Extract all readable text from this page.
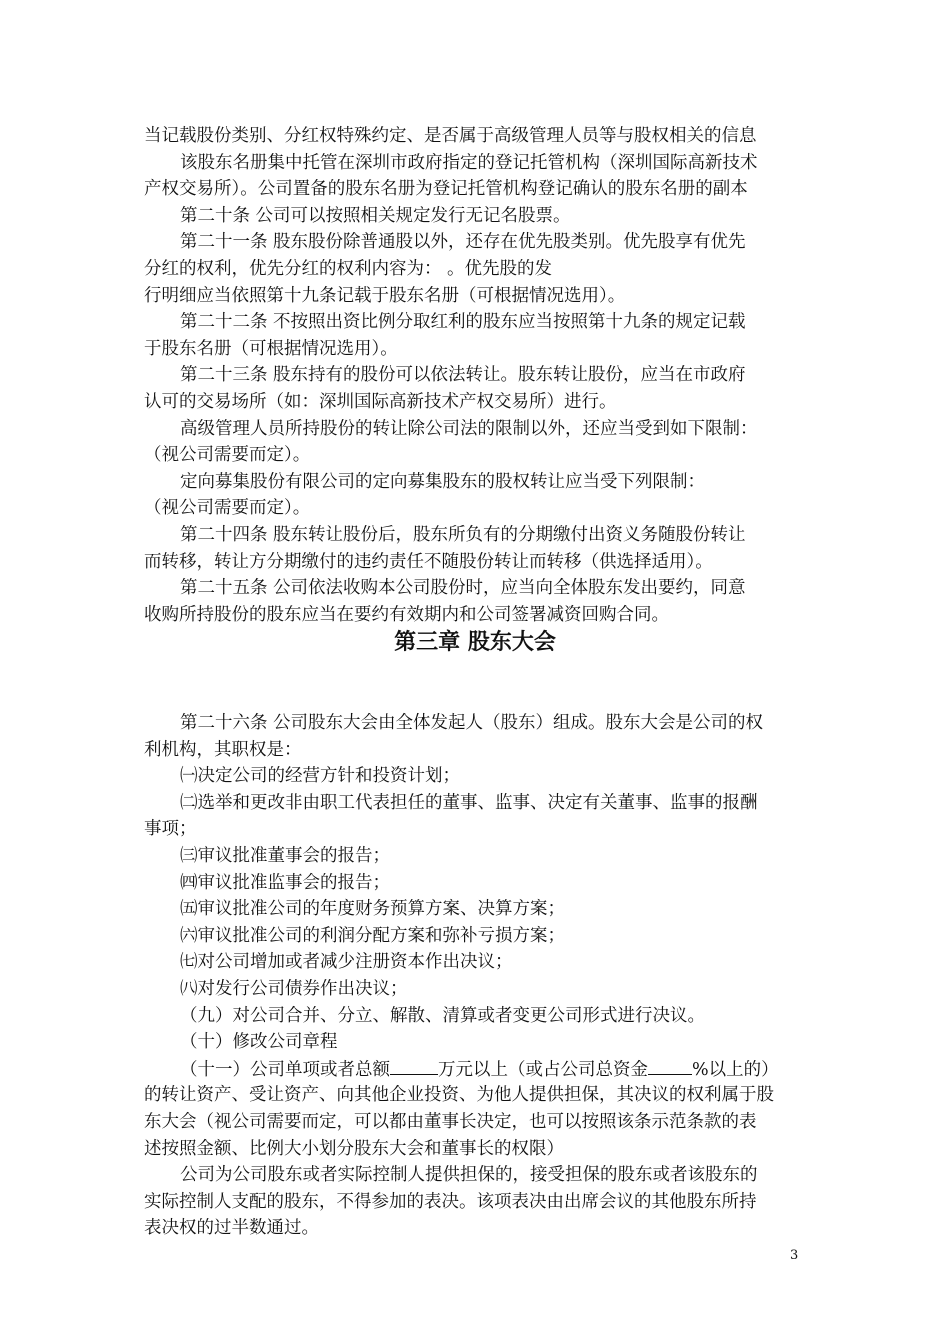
当记载股份类别、分红权特殊约定、是否属于高级管理人员等与股权相关的信息
该股东名册集中托管在深圳市政府指定的登记托管机构（深圳国际高新技术
产权交易所）。公司置备的股东名册为登记托管机构登记确认的股东名册的副本
第二十条 公司可以按照相关规定发行无记名股票。
第二十一条 股东股份除普通股以外，还存在优先股类别。优先股享有优先
分红的权利，优先分红的权利内容为： 。优先股的发
行明细应当依照第十九条记载于股东名册（可根据情况选用）。
第二十二条 不按照出资比例分取红利的股东应当按照第十九条的规定记载
于股东名册（可根据情况选用）。
第二十三条 股东持有的股份可以依法转让。股东转让股份，应当在市政府
认可的交易场所（如：深圳国际高新技术产权交易所）进行。
高级管理人员所持股份的转让除公司法的限制以外，还应当受到如下限制：
（视公司需要而定）。
定向募集股份有限公司的定向募集股东的股权转让应当受下列限制：
（视公司需要而定）。
第二十四条 股东转让股份后，股东所负有的分期缴付出资义务随股份转让
而转移，转让方分期缴付的违约责任不随股份转让而转移（供选择适用）。
第二十五条 公司依法收购本公司股份时，应当向全体股东发出要约，同意
收购所持股份的股东应当在要约有效期内和公司签署减资回购合同。
第三章 股东大会
第二十六条 公司股东大会由全体发起人（股东）组成。股东大会是公司的权
利机构，其职权是：
㈠决定公司的经营方针和投资计划；
㈡选举和更改非由职工代表担任的董事、监事、决定有关董事、监事的报酬
事项；
㈢审议批准董事会的报告；
㈣审议批准监事会的报告；
㈤审议批准公司的年度财务预算方案、决算方案；
㈥审议批准公司的利润分配方案和弥补亏损方案；
㈦对公司增加或者减少注册资本作出决议；
㈧对发行公司债券作出决议；
（九）对公司合并、分立、解散、清算或者变更公司形式进行决议。
（十）修改公司章程
（十一）公司单项或者总额	万元以上（或占公司总资金	%以上的）
的转让资产、受让资产、向其他企业投资、为他人提供担保，其决议的权利属于股
东大会（视公司需要而定，可以都由董事长决定，也可以按照该条示范条款的表
述按照金额、比例大小划分股东大会和董事长的权限）
公司为公司股东或者实际控制人提供担保的，接受担保的股东或者该股东的
实际控制人支配的股东，不得参加的表决。该项表决由出席会议的其他股东所持
表决权的过半数通过。
3
